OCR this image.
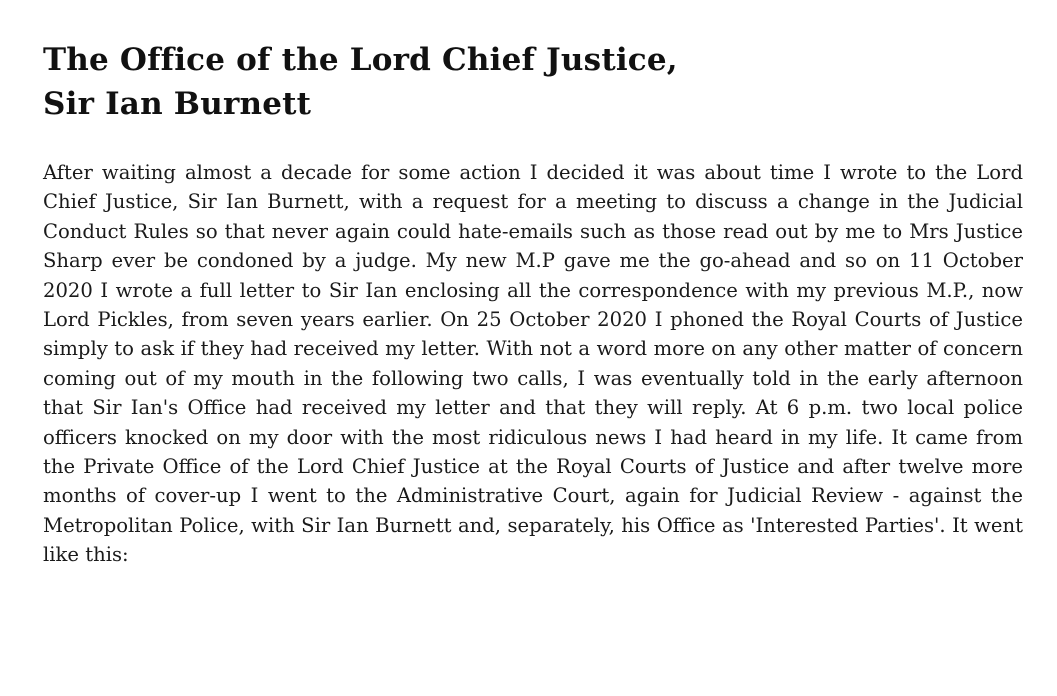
The Office of the Lord Chief Justice,
Sir Ian Burnett

After waiting almost a decade for some action I decided it was about time I wrote to the Lord Chief Justice, Sir Ian Burnett, with a request for a meeting to discuss a change in the Judicial Conduct Rules so that never again could hate-emails such as those read out by me to Mrs Justice Sharp ever be condoned by a judge. My new M.P gave me the go-ahead and so on 11 October 2020 I wrote a full letter to Sir Ian enclosing all the correspondence with my previous M.P., now Lord Pickles, from seven years earlier. On 25 October 2020 I phoned the Royal Courts of Justice simply to ask if they had received my letter. With not a word more on any other matter of concern coming out of my mouth in the following two calls, I was eventually told in the early afternoon that Sir Ian's Office had received my letter and that they will reply. At 6 p.m. two local police officers knocked on my door with the most ridiculous news I had heard in my life. It came from the Private Office of the Lord Chief Justice at the Royal Courts of Justice and after twelve more months of cover-up I went to the Administrative Court, again for Judicial Review - against the Metropolitan Police, with Sir Ian Burnett and, separately, his Office as 'Interested Parties'. It went like this:
